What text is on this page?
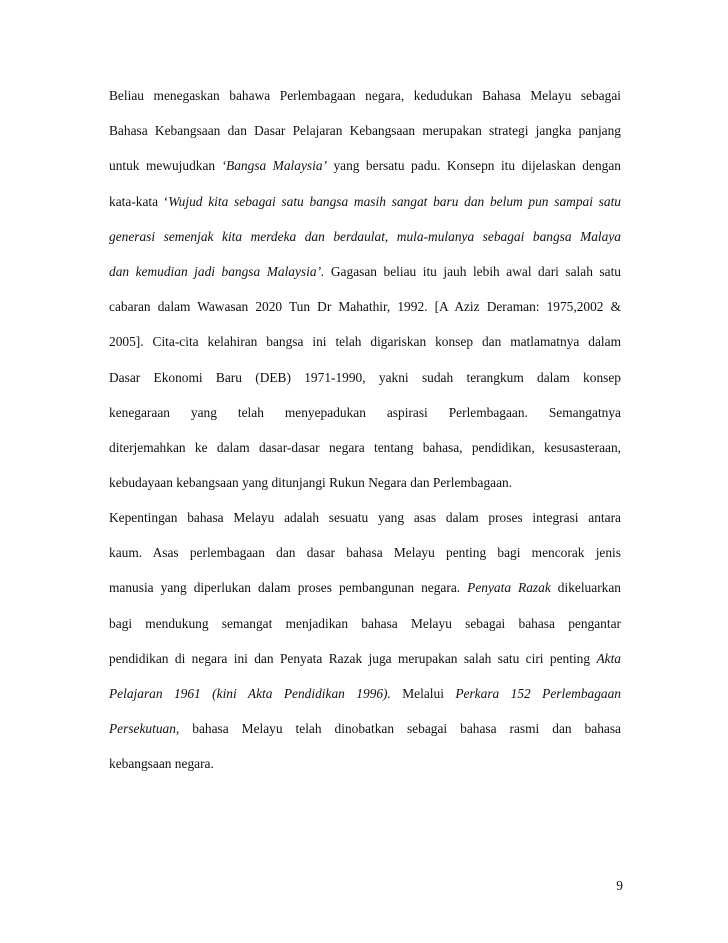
Beliau menegaskan bahawa Perlembagaan negara, kedudukan Bahasa Melayu sebagai
Bahasa Kebangsaan dan Dasar Pelajaran Kebangsaan merupakan strategi jangka panjang
untuk mewujudkan ‘Bangsa Malaysia’ yang bersatu padu. Konsepn itu dijelaskan dengan
kata-kata ‘Wujud kita sebagai satu bangsa masih sangat baru dan belum pun sampai satu
generasi semenjak kita merdeka dan berdaulat, mula-mulanya sebagai bangsa Malaya
dan kemudian jadi bangsa Malaysia’. Gagasan beliau itu jauh lebih awal dari salah satu
cabaran dalam Wawasan 2020 Tun Dr Mahathir, 1992. [A Aziz Deraman: 1975,2002 &
2005]. Cita-cita kelahiran bangsa ini telah digariskan konsep dan matlamatnya dalam
Dasar Ekonomi Baru (DEB) 1971-1990, yakni sudah terangkum dalam konsep
kenegaraan yang telah menyepadukan aspirasi Perlembagaan. Semangatnya
diterjemahkan ke dalam dasar-dasar negara tentang bahasa, pendidikan, kesusasteraan,
kebudayaan kebangsaan yang ditunjangi Rukun Negara dan Perlembagaan.
Kepentingan bahasa Melayu adalah sesuatu yang asas dalam proses integrasi antara
kaum. Asas perlembagaan dan dasar bahasa Melayu penting bagi mencorak jenis
manusia yang diperlukan dalam proses pembangunan negara. Penyata Razak dikeluarkan
bagi mendukung semangat menjadikan bahasa Melayu sebagai bahasa pengantar
pendidikan di negara ini dan Penyata Razak juga merupakan salah satu ciri penting Akta
Pelajaran 1961 (kini Akta Pendidikan 1996). Melalui Perkara 152 Perlembagaan
Persekutuan, bahasa Melayu telah dinobatkan sebagai bahasa rasmi dan bahasa
kebangsaan negara.
9
